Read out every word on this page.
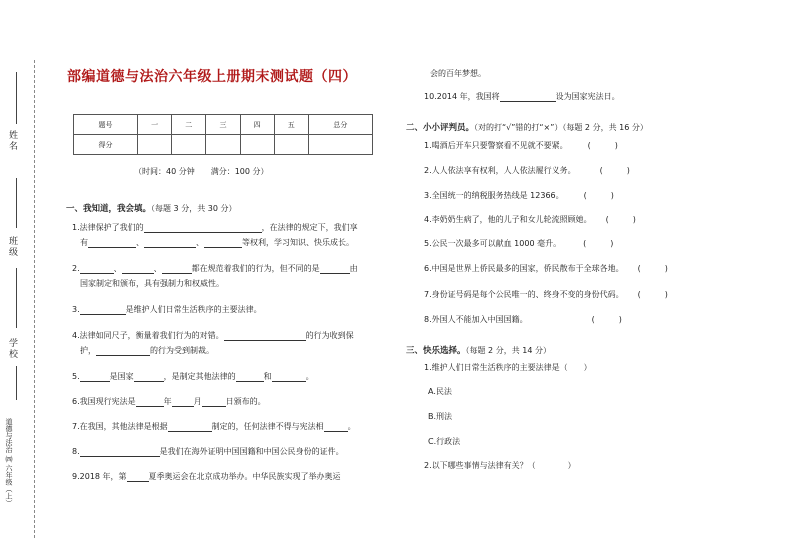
姓名
班级
学校
道德与法治 ㈣ 六年级（上）
部编道德与法治六年级上册期末测试题（四）
题号	一	二	三	四	五	总分
得分						
（时间：40 分钟　　满分：100 分）
一、我知道，我会填。（每题 3 分，共 30 分）
1.法律保护了我们的	，在法律的规定下，我们享
有	、	、	等权利，学习知识、快乐成长。
2.	、	、	都在规范着我们的行为，但不同的是	由
国家制定和颁布，具有强制力和权威性。
3.	是维护人们日常生活秩序的主要法律。
4.法律如同尺子，衡量着我们行为的对错。	的行为收到保
护，	的行为受到制裁。
5.	是国家	，是制定其他法律的	和	。
6.我国现行宪法是	年	月	日颁布的。
7.在我国，其他法律是根据	制定的，任何法律不得与宪法相	。
8.	是我们在海外证明中国国籍和中国公民身份的证件。
9.2018 年，第	夏季奥运会在北京成功举办。中华民族实现了举办奥运
会的百年梦想。
10.2014 年，我国将	设为国家宪法日。
二、小小评判员。（对的打“√”错的打“×”）（每题 2 分，共 16 分）
1.喝酒后开车只要警察看不见就不要紧。	(　　　)
2.人人依法享有权利，人人依法履行义务。	(　　　)
3.全国统一的纳税服务热线是 12366。	(　　　)
4.李奶奶生病了，他的儿子和女儿轮流照顾她。 (　　　)
5.公民一次最多可以献血 1000 毫升。	(　　　)
6.中国是世界上侨民最多的国家，侨民散布于全球各地。 (　　　)
7.身份证号码是每个公民唯一的、终身不变的身份代码。 (　　　)
8.外国人不能加入中国国籍。	(　　　)
三、快乐选择。（每题 2 分，共 14 分）
1.维护人们日常生活秩序的主要法律是（　　）
A.民法
B.刑法
C.行政法
2.以下哪些事情与法律有关？（　　　　）
